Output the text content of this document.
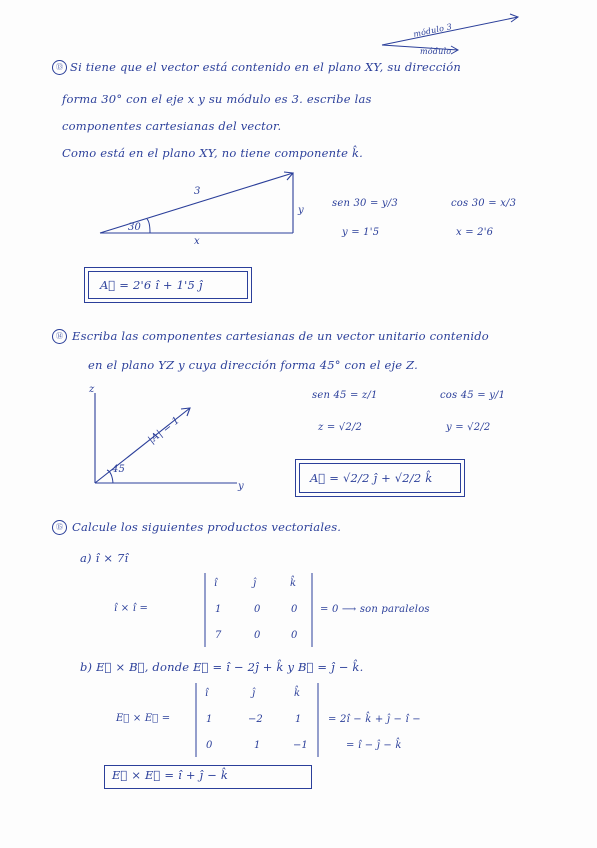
⑬ Si tiene que el vector está contenido en el plano XY, su dirección
forma 30° con el eje x y su módulo es 3. escribe las
componentes cartesianas del vector.
Como está en el plano XY, no tiene componente k̂.
módulo 3
módulo
3
30
y
x
sen 30 = y/3	cos 30 = x/3
y = 1'5	x = 2'6
A⃗ = 2'6 î + 1'5 ĵ
⑭ Escriba las componentes cartesianas de un vector unitario contenido
en el plano YZ y cuya dirección forma 45° con el eje Z.
z
y
|A| = 1
45
sen 45 = z/1	cos 45 = y/1
z = √2/2	y = √2/2
A⃗ = √2/2 ĵ + √2/2 k̂
⑮ Calcule los siguientes productos vectoriales.
a) î × 7î
î × î =
î	ĵ	k̂
1	0	0
7	0	0
= 0 ⟶ son paralelos
b) E⃗ × B⃗, donde E⃗ = î − 2ĵ + k̂ y B⃗ = ĵ − k̂.
E⃗ × E⃗ =
î	ĵ	k̂
1	−2	1
0	1	−1
= 2î − k̂ + ĵ − î −
= î − ĵ − k̂
E⃗ × E⃗ = î + ĵ − k̂
